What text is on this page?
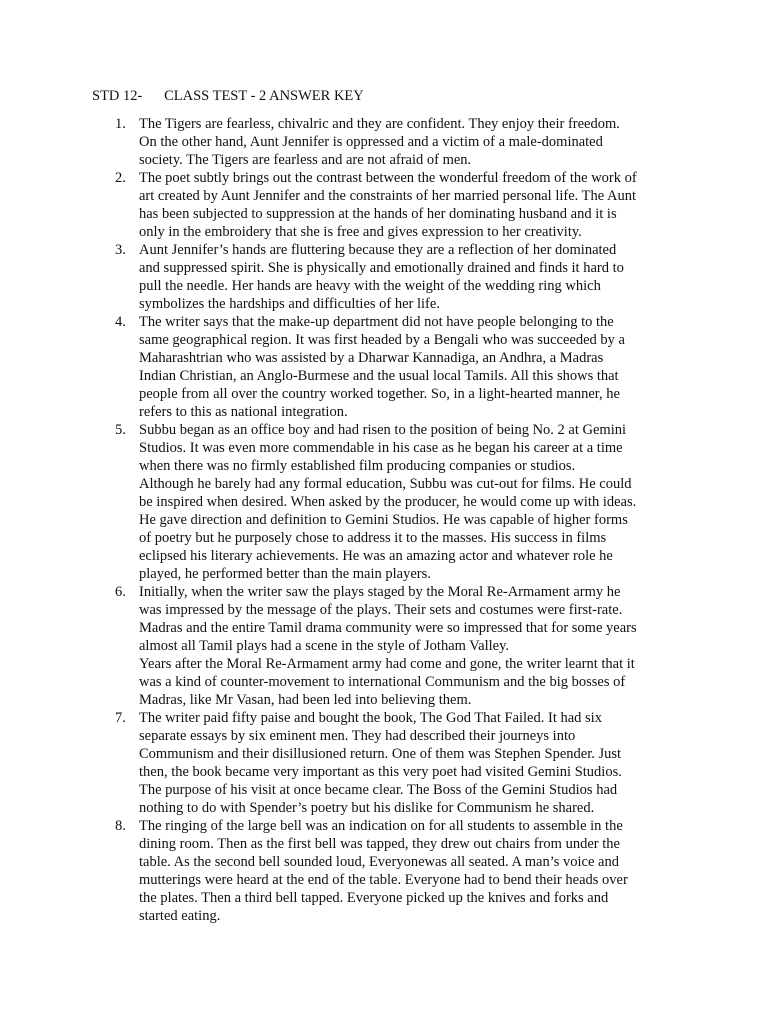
STD 12-      CLASS TEST - 2 ANSWER KEY
1. The Tigers are fearless, chivalric and they are confident. They enjoy their freedom.
On the other hand, Aunt Jennifer is oppressed and a victim of a male-dominated
society. The Tigers are fearless and are not afraid of men.
2. The poet subtly brings out the contrast between the wonderful freedom of the work of
art created by Aunt Jennifer and the constraints of her married personal life. The Aunt
has been subjected to suppression at the hands of her dominating husband and it is
only in the embroidery that she is free and gives expression to her creativity.
3. Aunt Jennifer’s hands are fluttering because they are a reflection of her dominated
and suppressed spirit. She is physically and emotionally drained and finds it hard to
pull the needle. Her hands are heavy with the weight of the wedding ring which
symbolizes the hardships and difficulties of her life.
4. The writer says that the make-up department did not have people belonging to the
same geographical region. It was first headed by a Bengali who was succeeded by a
Maharashtrian who was assisted by a Dharwar Kannadiga, an Andhra, a Madras
Indian Christian, an Anglo-Burmese and the usual local Tamils. All this shows that
people from all over the country worked together. So, in a light-hearted manner, he
refers to this as national integration.
5. Subbu began as an office boy and had risen to the position of being No. 2 at Gemini
Studios. It was even more commendable in his case as he began his career at a time
when there was no firmly established film producing companies or studios.
Although he barely had any formal education, Subbu was cut-out for films. He could
be inspired when desired. When asked by the producer, he would come up with ideas.
He gave direction and definition to Gemini Studios. He was capable of higher forms
of poetry but he purposely chose to address it to the masses. His success in films
eclipsed his literary achievements. He was an amazing actor and whatever role he
played, he performed better than the main players.
6. Initially, when the writer saw the plays staged by the Moral Re-Armament army he
was impressed by the message of the plays. Their sets and costumes were first-rate.
Madras and the entire Tamil drama community were so impressed that for some years
almost all Tamil plays had a scene in the style of Jotham Valley.
Years after the Moral Re-Armament army had come and gone, the writer learnt that it
was a kind of counter-movement to international Communism and the big bosses of
Madras, like Mr Vasan, had been led into believing them.
7. The writer paid fifty paise and bought the book, The God That Failed. It had six
separate essays by six eminent men. They had described their journeys into
Communism and their disillusioned return. One of them was Stephen Spender. Just
then, the book became very important as this very poet had visited Gemini Studios.
The purpose of his visit at once became clear. The Boss of the Gemini Studios had
nothing to do with Spender’s poetry but his dislike for Communism he shared.
8. The ringing of the large bell was an indication on for all students to assemble in the
dining room. Then as the first bell was tapped, they drew out chairs from under the
table. As the second bell sounded loud, Everyonewas all seated. A man’s voice and
mutterings were heard at the end of the table. Everyone had to bend their heads over
the plates. Then a third bell tapped. Everyone picked up the knives and forks and
started eating.
